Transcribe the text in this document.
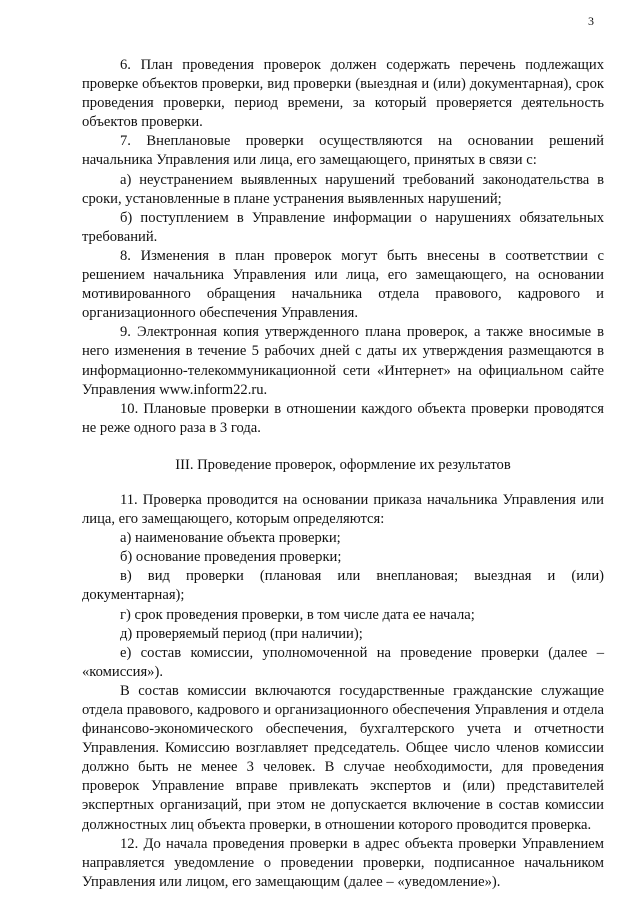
3

6. План проведения проверок должен содержать перечень подлежащих проверке объектов проверки, вид проверки (выездная и (или) документарная), срок проведения проверки, период времени, за который проверяется деятельность объектов проверки.

7. Внеплановые проверки осуществляются на основании решений начальника Управления или лица, его замещающего, принятых в связи с:

а) неустранением выявленных нарушений требований законодательства в сроки, установленные в плане устранения выявленных нарушений;

б) поступлением в Управление информации о нарушениях обязательных требований.

8. Изменения в план проверок могут быть внесены в соответствии с решением начальника Управления или лица, его замещающего, на основании мотивированного обращения начальника отдела правового, кадрового и организационного обеспечения Управления.

9. Электронная копия утвержденного плана проверок, а также вносимые в него изменения в течение 5 рабочих дней с даты их утверждения размещаются в информационно-телекоммуникационной сети «Интернет» на официальном сайте Управления www.inform22.ru.

10. Плановые проверки в отношении каждого объекта проверки проводятся не реже одного раза в 3 года.

III. Проведение проверок, оформление их результатов

11. Проверка проводится на основании приказа начальника Управления или лица, его замещающего, которым определяются:

а) наименование объекта проверки;

б) основание проведения проверки;

в) вид проверки (плановая или внеплановая; выездная и (или) документарная);

г) срок проведения проверки, в том числе дата ее начала;

д) проверяемый период (при наличии);

е) состав комиссии, уполномоченной на проведение проверки (далее – «комиссия»).

В состав комиссии включаются государственные гражданские служащие отдела правового, кадрового и организационного обеспечения Управления и отдела финансово-экономического обеспечения, бухгалтерского учета и отчетности Управления. Комиссию возглавляет председатель. Общее число членов комиссии должно быть не менее 3 человек. В случае необходимости, для проведения проверок Управление вправе привлекать экспертов и (или) представителей экспертных организаций, при этом не допускается включение в состав комиссии должностных лиц объекта проверки, в отношении которого проводится проверка.

12. До начала проведения проверки в адрес объекта проверки Управлением направляется уведомление о проведении проверки, подписанное начальником Управления или лицом, его замещающим (далее – «уведомление»).
